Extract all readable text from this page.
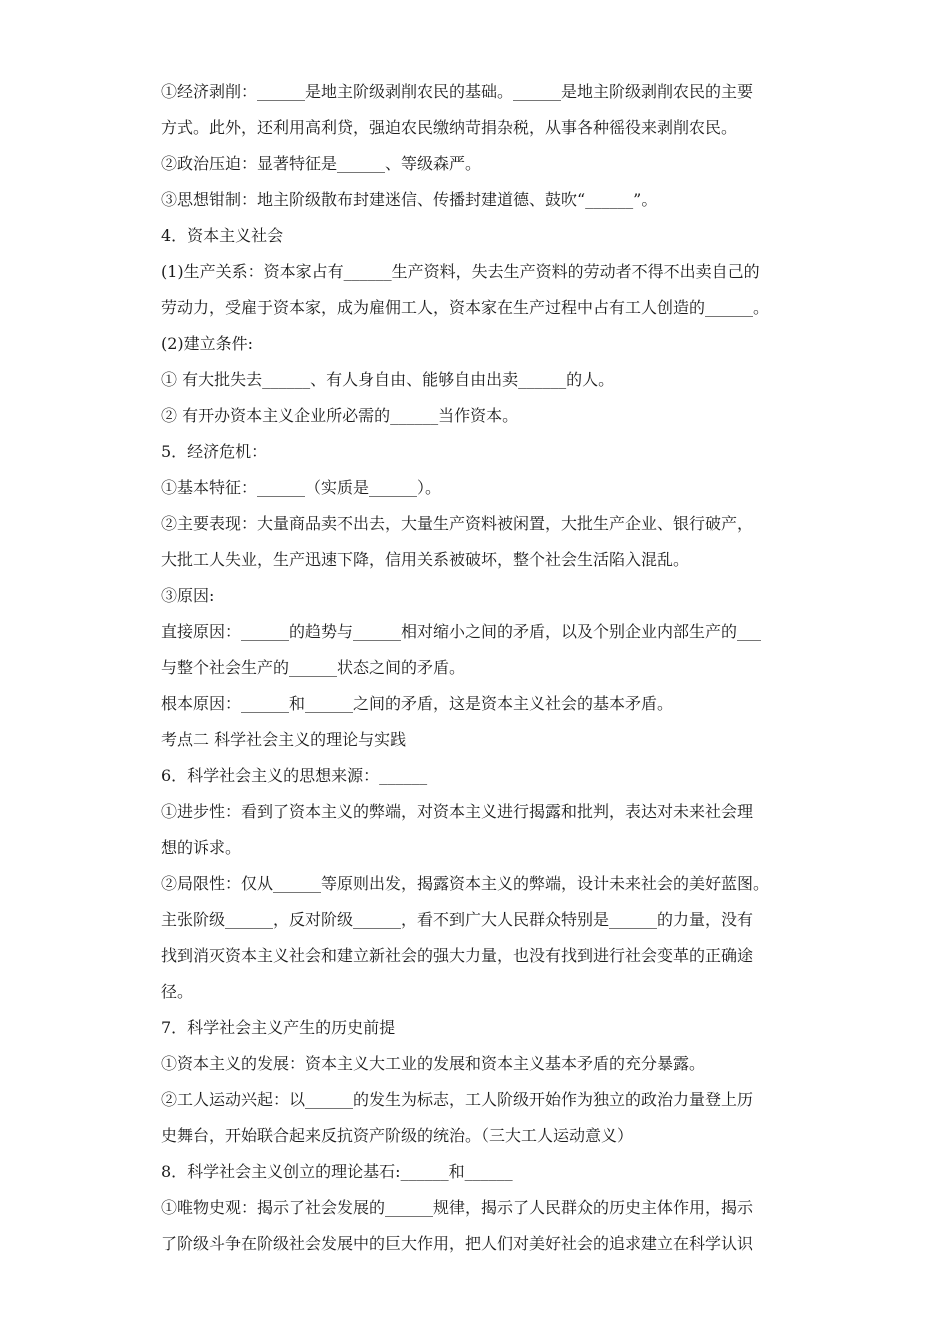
①经济剥削：______是地主阶级剥削农民的基础。______是地主阶级剥削农民的主要
方式。此外，还利用高利贷，强迫农民缴纳苛捐杂税，从事各种徭役来剥削农民。
②政治压迫：显著特征是______、等级森严。
③思想钳制：地主阶级散布封建迷信、传播封建道德、鼓吹“______”。
4．资本主义社会
(1)生产关系：资本家占有______生产资料，失去生产资料的劳动者不得不出卖自己的
劳动力，受雇于资本家，成为雇佣工人，资本家在生产过程中占有工人创造的______。
(2)建立条件:
① 有大批失去______、有人身自由、能够自由出卖______的人。
② 有开办资本主义企业所必需的______当作资本。
5．经济危机：
①基本特征：______（实质是______）。
②主要表现：大量商品卖不出去，大量生产资料被闲置，大批生产企业、银行破产，
大批工人失业，生产迅速下降，信用关系被破坏，整个社会生活陷入混乱。
③原因:
直接原因：______的趋势与______相对缩小之间的矛盾，以及个别企业内部生产的___
与整个社会生产的______状态之间的矛盾。
根本原因：______和______之间的矛盾，这是资本主义社会的基本矛盾。
考点二 科学社会主义的理论与实践
6．科学社会主义的思想来源：______
①进步性：看到了资本主义的弊端，对资本主义进行揭露和批判，表达对未来社会理
想的诉求。
②局限性：仅从______等原则出发，揭露资本主义的弊端，设计未来社会的美好蓝图。
主张阶级______，反对阶级______，看不到广大人民群众特别是______的力量，没有
找到消灭资本主义社会和建立新社会的强大力量，也没有找到进行社会变革的正确途
径。
7．科学社会主义产生的历史前提
①资本主义的发展：资本主义大工业的发展和资本主义基本矛盾的充分暴露。
②工人运动兴起：以______的发生为标志，工人阶级开始作为独立的政治力量登上历
史舞台，开始联合起来反抗资产阶级的统治。（三大工人运动意义）
8．科学社会主义创立的理论基石:______和______
①唯物史观：揭示了社会发展的______规律，揭示了人民群众的历史主体作用，揭示
了阶级斗争在阶级社会发展中的巨大作用，把人们对美好社会的追求建立在科学认识
